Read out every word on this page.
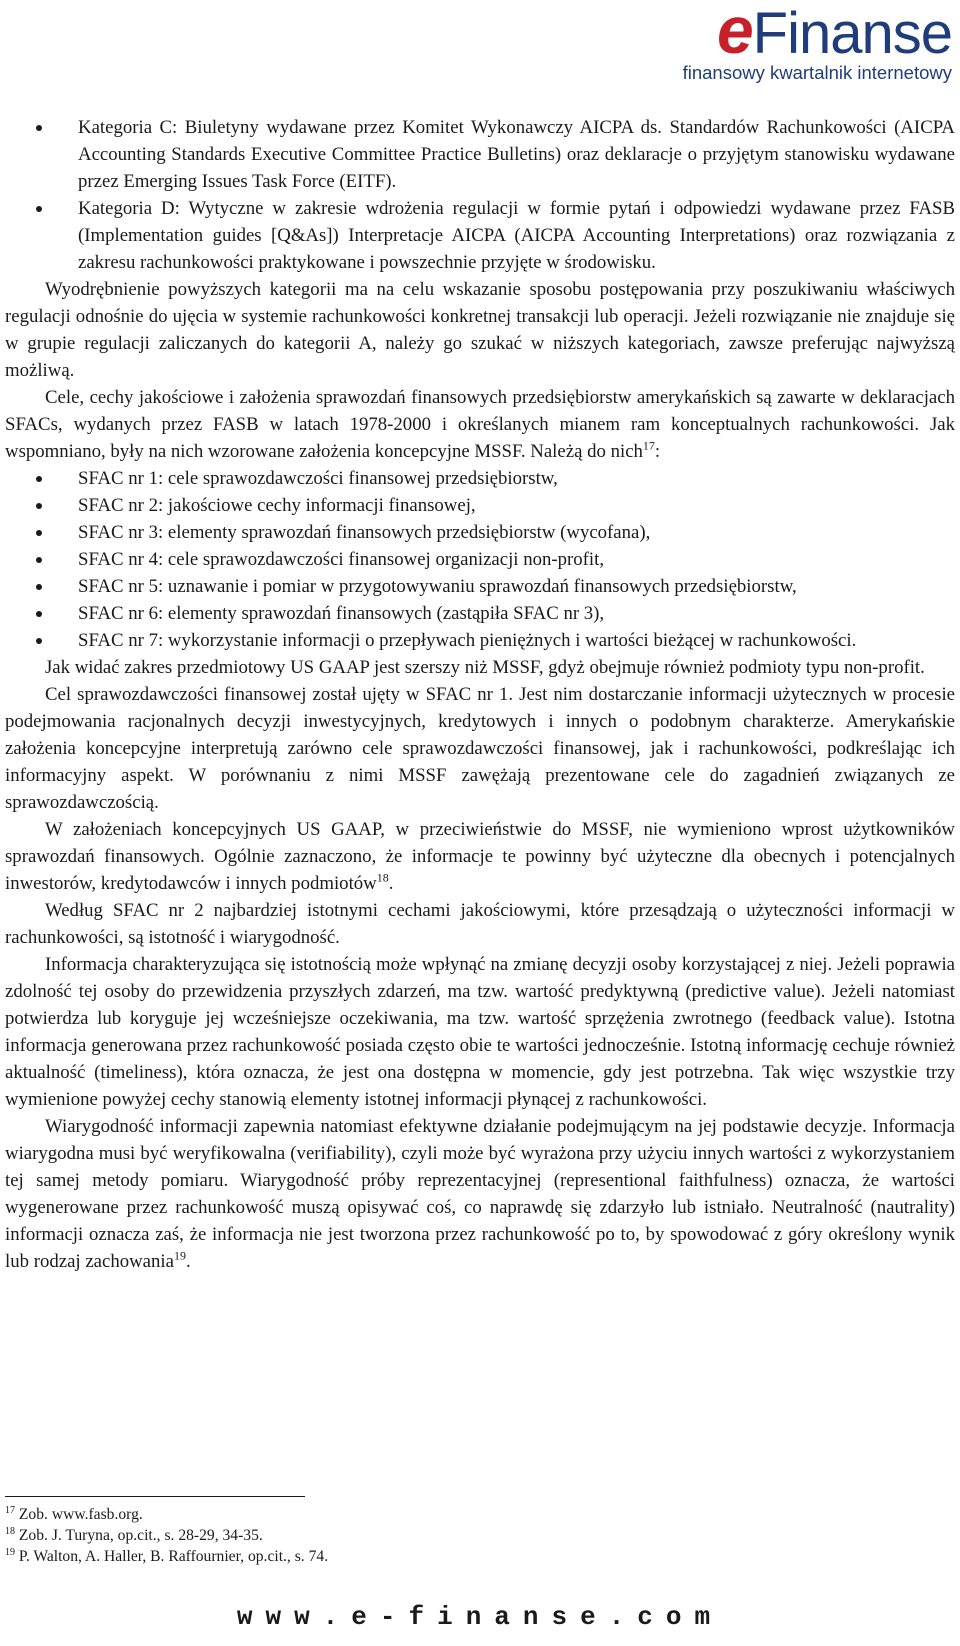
eFinanse
finansowy kwartalnik internetowy
Kategoria C: Biuletyny wydawane przez Komitet Wykonawczy AICPA ds. Standardów Rachunkowości (AICPA Accounting Standards Executive Committee Practice Bulletins) oraz deklaracje o przyjętym stanowisku wydawane przez Emerging Issues Task Force (EITF).
Kategoria D: Wytyczne w zakresie wdrożenia regulacji w formie pytań i odpowiedzi wydawane przez FASB (Implementation guides [Q&As]) Interpretacje AICPA (AICPA Accounting Interpretations) oraz rozwiązania z zakresu rachunkowości praktykowane i powszechnie przyjęte w środowisku.

Wyodrębnienie powyższych kategorii ma na celu wskazanie sposobu postępowania przy poszukiwaniu właściwych regulacji odnośnie do ujęcia w systemie rachunkowości konkretnej transakcji lub operacji. Jeżeli rozwiązanie nie znajduje się w grupie regulacji zaliczanych do kategorii A, należy go szukać w niższych kategoriach, zawsze preferując najwyższą możliwą.

Cele, cechy jakościowe i założenia sprawozdań finansowych przedsiębiorstw amerykańskich są zawarte w deklaracjach SFACs, wydanych przez FASB w latach 1978-2000 i określanych mianem ram konceptualnych rachunkowości. Jak wspomniano, były na nich wzorowane założenia koncepcyjne MSSF. Należą do nich$^{17}$:

SFAC nr 1: cele sprawozdawczości finansowej przedsiębiorstw,
SFAC nr 2: jakościowe cechy informacji finansowej,
SFAC nr 3: elementy sprawozdań finansowych przedsiębiorstw (wycofana),
SFAC nr 4: cele sprawozdawczości finansowej organizacji non-profit,
SFAC nr 5: uznawanie i pomiar w przygotowywaniu sprawozdań finansowych przedsiębiorstw,
SFAC nr 6: elementy sprawozdań finansowych (zastąpiła SFAC nr 3),
SFAC nr 7: wykorzystanie informacji o przepływach pieniężnych i wartości bieżącej w rachunkowości.

Jak widać zakres przedmiotowy US GAAP jest szerszy niż MSSF, gdyż obejmuje również podmioty typu non-profit.

Cel sprawozdawczości finansowej został ujęty w SFAC nr 1. Jest nim dostarczanie informacji użytecznych w procesie podejmowania racjonalnych decyzji inwestycyjnych, kredytowych i innych o podobnym charakterze. Amerykańskie założenia koncepcyjne interpretują zarówno cele sprawozdawczości finansowej, jak i rachunkowości, podkreślając ich informacyjny aspekt. W porównaniu z nimi MSSF zawężają prezentowane cele do zagadnień związanych ze sprawozdawczością.

W założeniach koncepcyjnych US GAAP, w przeciwieństwie do MSSF, nie wymieniono wprost użytkowników sprawozdań finansowych. Ogólnie zaznaczono, że informacje te powinny być użyteczne dla obecnych i potencjalnych inwestorów, kredytodawców i innych podmiotów$^{18}$.

Według SFAC nr 2 najbardziej istotnymi cechami jakościowymi, które przesądzają o użyteczności informacji w rachunkowości, są istotność i wiarygodność.

Informacja charakteryzująca się istotnością może wpłynąć na zmianę decyzji osoby korzystającej z niej. Jeżeli poprawia zdolność tej osoby do przewidzenia przyszłych zdarzeń, ma tzw. wartość predyktywną (predictive value). Jeżeli natomiast potwierdza lub koryguje jej wcześniejsze oczekiwania, ma tzw. wartość sprzężenia zwrotnego (feedback value). Istotna informacja generowana przez rachunkowość posiada często obie te wartości jednocześnie. Istotną informację cechuje również aktualność (timeliness), która oznacza, że jest ona dostępna w momencie, gdy jest potrzebna. Tak więc wszystkie trzy wymienione powyżej cechy stanowią elementy istotnej informacji płynącej z rachunkowości.

Wiarygodność informacji zapewnia natomiast efektywne działanie podejmującym na jej podstawie decyzje. Informacja wiarygodna musi być weryfikowalna (verifiability), czyli może być wyrażona przy użyciu innych wartości z wykorzystaniem tej samej metody pomiaru. Wiarygodność próby reprezentacyjnej (representional faithfulness) oznacza, że wartości wygenerowane przez rachunkowość muszą opisywać coś, co naprawdę się zdarzyło lub istniało. Neutralność (nautrality) informacji oznacza zaś, że informacja nie jest tworzona przez rachunkowość po to, by spowodować z góry określony wynik lub rodzaj zachowania$^{19}$.

$^{17}$ Zob. www.fasb.org.
$^{18}$ Zob. J. Turyna, op.cit., s. 28-29, 34-35.
$^{19}$ P. Walton, A. Haller, B. Raffournier, op.cit., s. 74.
www.e-finanse.com
